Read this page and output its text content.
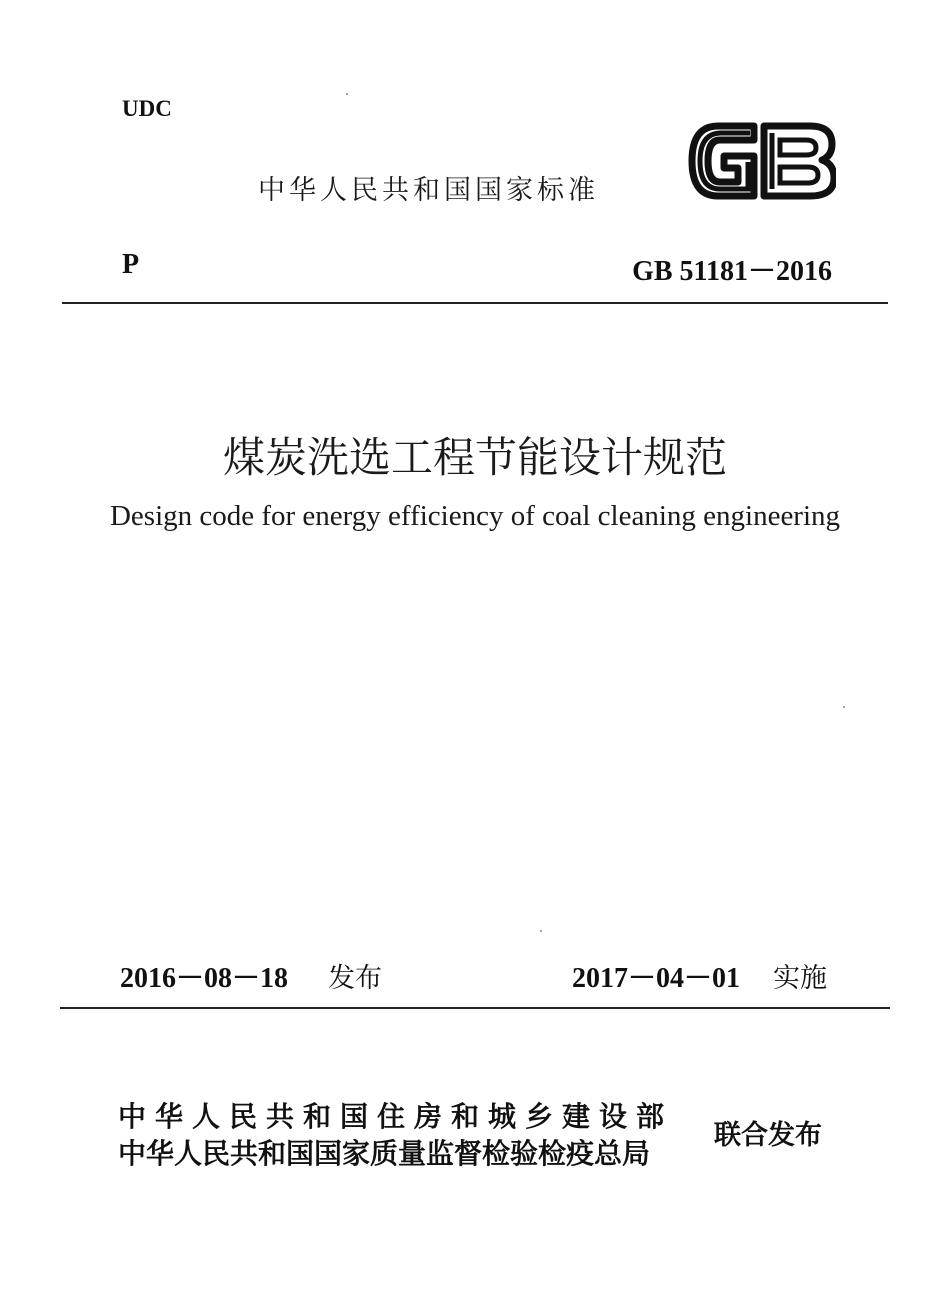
UDC
中华人民共和国国家标准
P	GB 51181－2016
煤炭洗选工程节能设计规范
Design code for energy efficiency of coal cleaning engineering
2016－08－18 发布	2017－04－01 实施
中华人民共和国住房和城乡建设部
中华人民共和国国家质量监督检验检疫总局
联合发布
